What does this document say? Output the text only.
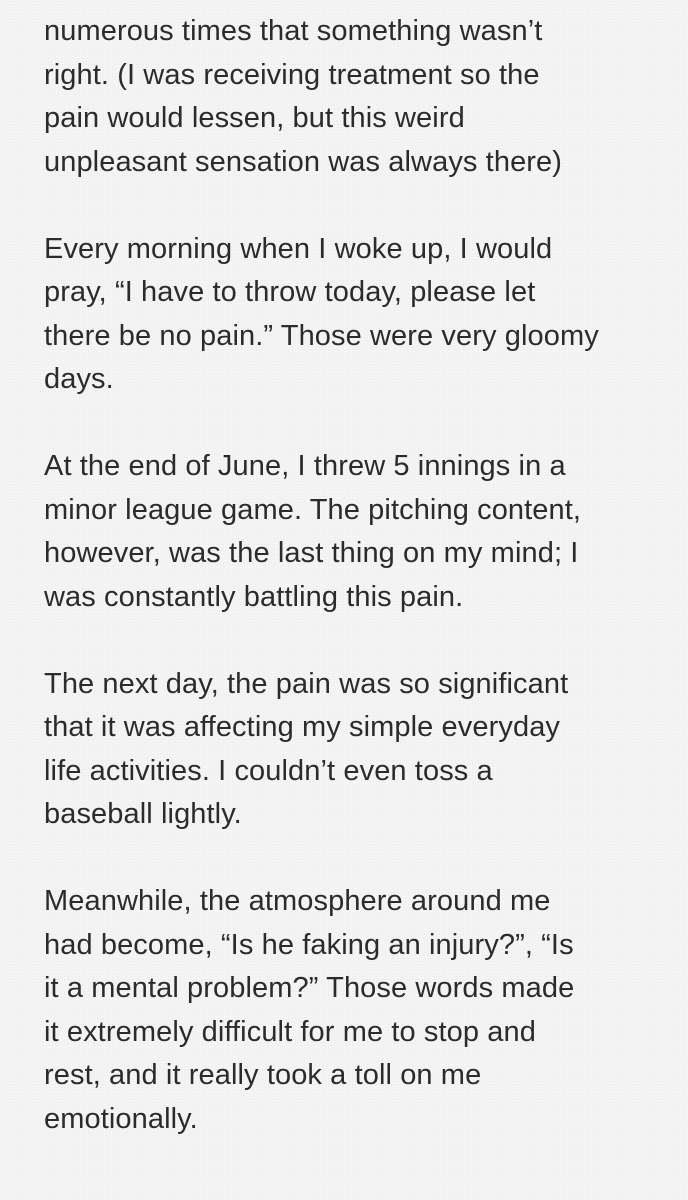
numerous times that something wasn’t
right. (I was receiving treatment so the
pain would lessen, but this weird
unpleasant sensation was always there)

Every morning when I woke up, I would
pray, “I have to throw today, please let
there be no pain.” Those were very gloomy
days.

At the end of June, I threw 5 innings in a
minor league game. The pitching content,
however, was the last thing on my mind; I
was constantly battling this pain.

The next day, the pain was so significant
that it was affecting my simple everyday
life activities. I couldn’t even toss a
baseball lightly.

Meanwhile, the atmosphere around me
had become, “Is he faking an injury?”, “Is
it a mental problem?” Those words made
it extremely difficult for me to stop and
rest, and it really took a toll on me
emotionally.
